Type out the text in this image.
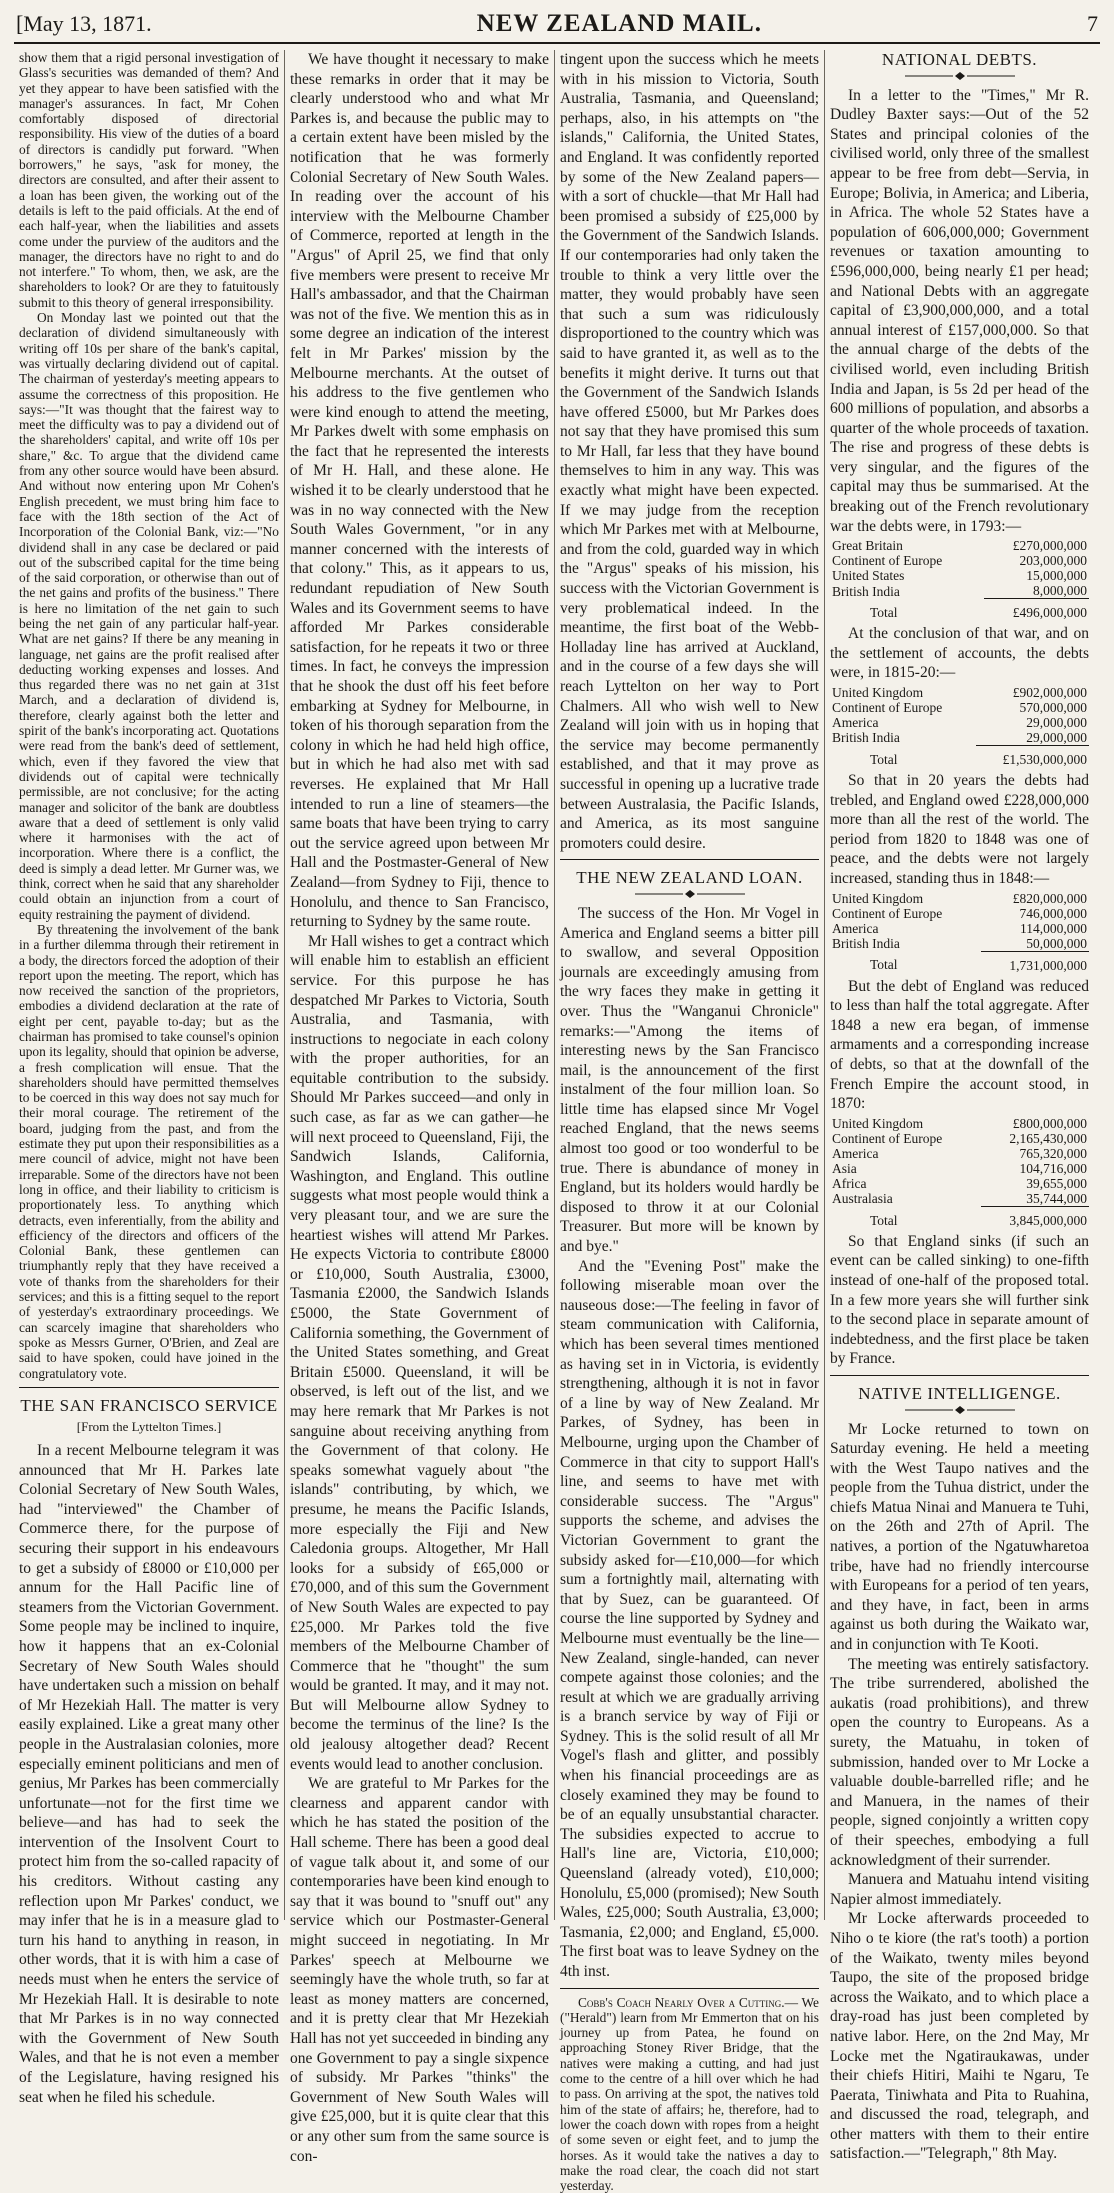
[May 13, 1871.	NEW ZEALAND MAIL.	7

show them that a rigid personal investigation of Glass's securities was demanded of them? And yet they appear to have been satisfied with the manager's assurances. In fact, Mr Cohen comfortably disposed of directorial responsibility. His view of the duties of a board of directors is candidly put forward. "When borrowers," he says, "ask for money, the directors are consulted, and after their assent to a loan has been given, the working out of the details is left to the paid officials. At the end of each half-year, when the liabilities and assets come under the purview of the auditors and the manager, the directors have no right to and do not interfere." To whom, then, we ask, are the shareholders to look? Or are they to fatuitously submit to this theory of general irresponsibility.

On Monday last we pointed out that the declaration of dividend simultaneously with writing off 10s per share of the bank's capital, was virtually declaring dividend out of capital. The chairman of yesterday's meeting appears to assume the correctness of this proposition. He says:—"It was thought that the fairest way to meet the difficulty was to pay a dividend out of the shareholders' capital, and write off 10s per share," &c. To argue that the dividend came from any other source would have been absurd. And without now entering upon Mr Cohen's English precedent, we must bring him face to face with the 18th section of the Act of Incorporation of the Colonial Bank, viz:—"No dividend shall in any case be declared or paid out of the subscribed capital for the time being of the said corporation, or otherwise than out of the net gains and profits of the business." There is here no limitation of the net gain to such being the net gain of any particular half-year. What are net gains? If there be any meaning in language, net gains are the profit realised after deducting working expenses and losses. And thus regarded there was no net gain at 31st March, and a declaration of dividend is, therefore, clearly against both the letter and spirit of the bank's incorporating act. Quotations were read from the bank's deed of settlement, which, even if they favored the view that dividends out of capital were technically permissible, are not conclusive; for the acting manager and solicitor of the bank are doubtless aware that a deed of settlement is only valid where it harmonises with the act of incorporation. Where there is a conflict, the deed is simply a dead letter. Mr Gurner was, we think, correct when he said that any shareholder could obtain an injunction from a court of equity restraining the payment of dividend.

By threatening the involvement of the bank in a further dilemma through their retirement in a body, the directors forced the adoption of their report upon the meeting. The report, which has now received the sanction of the proprietors, embodies a dividend declaration at the rate of eight per cent, payable to-day; but as the chairman has promised to take counsel's opinion upon its legality, should that opinion be adverse, a fresh complication will ensue. That the shareholders should have permitted themselves to be coerced in this way does not say much for their moral courage. The retirement of the board, judging from the past, and from the estimate they put upon their responsibilities as a mere council of advice, might not have been irreparable. Some of the directors have not been long in office, and their liability to criticism is proportionately less. To anything which detracts, even inferentially, from the ability and efficiency of the directors and officers of the Colonial Bank, these gentlemen can triumphantly reply that they have received a vote of thanks from the shareholders for their services; and this is a fitting sequel to the report of yesterday's extraordinary proceedings. We can scarcely imagine that shareholders who spoke as Messrs Gurner, O'Brien, and Zeal are said to have spoken, could have joined in the congratulatory vote.

THE SAN FRANCISCO SERVICE
[From the Lyttelton Times.]

In a recent Melbourne telegram it was announced that Mr H. Parkes late Colonial Secretary of New South Wales, had "interviewed" the Chamber of Commerce there, for the purpose of securing their support in his endeavours to get a subsidy of £8000 or £10,000 per annum for the Hall Pacific line of steamers from the Victorian Government. Some people may be inclined to inquire, how it happens that an ex-Colonial Secretary of New South Wales should have undertaken such a mission on behalf of Mr Hezekiah Hall. The matter is very easily explained. Like a great many other people in the Australasian colonies, more especially eminent politicians and men of genius, Mr Parkes has been commercially unfortunate—not for the first time we believe—and has had to seek the intervention of the Insolvent Court to protect him from the so-called rapacity of his creditors. Without casting any reflection upon Mr Parkes' conduct, we may infer that he is in a measure glad to turn his hand to anything in reason, in other words, that it is with him a case of needs must when he enters the service of Mr Hezekiah Hall. It is desirable to note that Mr Parkes is in no way connected with the Government of New South Wales, and that he is not even a member of the Legislature, having resigned his seat when he filed his schedule.

We have thought it necessary to make these remarks in order that it may be clearly understood who and what Mr Parkes is, and because the public may to a certain extent have been misled by the notification that he was formerly Colonial Secretary of New South Wales. In reading over the account of his interview with the Melbourne Chamber of Commerce, reported at length in the "Argus" of April 25, we find that only five members were present to receive Mr Hall's ambassador, and that the Chairman was not of the five. We mention this as in some degree an indication of the interest felt in Mr Parkes' mission by the Melbourne merchants. At the outset of his address to the five gentlemen who were kind enough to attend the meeting, Mr Parkes dwelt with some emphasis on the fact that he represented the interests of Mr H. Hall, and these alone. He wished it to be clearly understood that he was in no way connected with the New South Wales Government, "or in any manner concerned with the interests of that colony." This, as it appears to us, redundant repudiation of New South Wales and its Government seems to have afforded Mr Parkes considerable satisfaction, for he repeats it two or three times. In fact, he conveys the impression that he shook the dust off his feet before embarking at Sydney for Melbourne, in token of his thorough separation from the colony in which he had held high office, but in which he had also met with sad reverses. He explained that Mr Hall intended to run a line of steamers—the same boats that have been trying to carry out the service agreed upon between Mr Hall and the Postmaster-General of New Zealand—from Sydney to Fiji, thence to Honolulu, and thence to San Francisco, returning to Sydney by the same route.

Mr Hall wishes to get a contract which will enable him to establish an efficient service. For this purpose he has despatched Mr Parkes to Victoria, South Australia, and Tasmania, with instructions to negociate in each colony with the proper authorities, for an equitable contribution to the subsidy. Should Mr Parkes succeed—and only in such case, as far as we can gather—he will next proceed to Queensland, Fiji, the Sandwich Islands, California, Washington, and England. This outline suggests what most people would think a very pleasant tour, and we are sure the heartiest wishes will attend Mr Parkes. He expects Victoria to contribute £8000 or £10,000, South Australia, £3000, Tasmania £2000, the Sandwich Islands £5000, the State Government of California something, the Government of the United States something, and Great Britain £5000. Queensland, it will be observed, is left out of the list, and we may here remark that Mr Parkes is not sanguine about receiving anything from the Government of that colony. He speaks somewhat vaguely about "the islands" contributing, by which, we presume, he means the Pacific Islands, more especially the Fiji and New Caledonia groups. Altogether, Mr Hall looks for a subsidy of £65,000 or £70,000, and of this sum the Government of New South Wales are expected to pay £25,000. Mr Parkes told the five members of the Melbourne Chamber of Commerce that he "thought" the sum would be granted. It may, and it may not. But will Melbourne allow Sydney to become the terminus of the line? Is the old jealousy altogether dead? Recent events would lead to another conclusion.

We are grateful to Mr Parkes for the clearness and apparent candor with which he has stated the position of the Hall scheme. There has been a good deal of vague talk about it, and some of our contemporaries have been kind enough to say that it was bound to "snuff out" any service which our Postmaster-General might succeed in negotiating. In Mr Parkes' speech at Melbourne we seemingly have the whole truth, so far at least as money matters are concerned, and it is pretty clear that Mr Hezekiah Hall has not yet succeeded in binding any one Government to pay a single sixpence of subsidy. Mr Parkes "thinks" the Government of New South Wales will give £25,000, but it is quite clear that this or any other sum from the same source is con-

tingent upon the success which he meets with in his mission to Victoria, South Australia, Tasmania, and Queensland; perhaps, also, in his attempts on "the islands," California, the United States, and England. It was confidently reported by some of the New Zealand papers—with a sort of chuckle—that Mr Hall had been promised a subsidy of £25,000 by the Government of the Sandwich Islands. If our contemporaries had only taken the trouble to think a very little over the matter, they would probably have seen that such a sum was ridiculously disproportioned to the country which was said to have granted it, as well as to the benefits it might derive. It turns out that the Government of the Sandwich Islands have offered £5000, but Mr Parkes does not say that they have promised this sum to Mr Hall, far less that they have bound themselves to him in any way. This was exactly what might have been expected. If we may judge from the reception which Mr Parkes met with at Melbourne, and from the cold, guarded way in which the "Argus" speaks of his mission, his success with the Victorian Government is very problematical indeed. In the meantime, the first boat of the Webb-Holladay line has arrived at Auckland, and in the course of a few days she will reach Lyttelton on her way to Port Chalmers. All who wish well to New Zealand will join with us in hoping that the service may become permanently established, and that it may prove as successful in opening up a lucrative trade between Australasia, the Pacific Islands, and America, as its most sanguine promoters could desire.

THE NEW ZEALAND LOAN.

The success of the Hon. Mr Vogel in America and England seems a bitter pill to swallow, and several Opposition journals are exceedingly amusing from the wry faces they make in getting it over. Thus the "Wanganui Chronicle" remarks:—"Among the items of interesting news by the San Francisco mail, is the announcement of the first instalment of the four million loan. So little time has elapsed since Mr Vogel reached England, that the news seems almost too good or too wonderful to be true. There is abundance of money in England, but its holders would hardly be disposed to throw it at our Colonial Treasurer. But more will be known by and bye."

And the "Evening Post" make the following miserable moan over the nauseous dose:—The feeling in favor of steam communication with California, which has been several times mentioned as having set in in Victoria, is evidently strengthening, although it is not in favor of a line by way of New Zealand. Mr Parkes, of Sydney, has been in Melbourne, urging upon the Chamber of Commerce in that city to support Hall's line, and seems to have met with considerable success. The "Argus" supports the scheme, and advises the Victorian Government to grant the subsidy asked for—£10,000—for which sum a fortnightly mail, alternating with that by Suez, can be guaranteed. Of course the line supported by Sydney and Melbourne must eventually be the line—New Zealand, single-handed, can never compete against those colonies; and the result at which we are gradually arriving is a branch service by way of Fiji or Sydney. This is the solid result of all Mr Vogel's flash and glitter, and possibly when his financial proceedings are as closely examined they may be found to be of an equally unsubstantial character. The subsidies expected to accrue to Hall's line are, Victoria, £10,000; Queensland (already voted), £10,000; Honolulu, £5,000 (promised); New South Wales, £25,000; South Australia, £3,000; Tasmania, £2,000; and England, £5,000. The first boat was to leave Sydney on the 4th inst.

Cobb's Coach Nearly Over a Cutting.— We ("Herald") learn from Mr Emmerton that on his journey up from Patea, he found on approaching Stoney River Bridge, that the natives were making a cutting, and had just come to the centre of a hill over which he had to pass. On arriving at the spot, the natives told him of the state of affairs; he, therefore, had to lower the coach down with ropes from a height of some seven or eight feet, and to jump the horses. As it would take the natives a day to make the road clear, the coach did not start yesterday.

NATIONAL DEBTS.

In a letter to the "Times," Mr R. Dudley Baxter says:—Out of the 52 States and principal colonies of the civilised world, only three of the smallest appear to be free from debt—Servia, in Europe; Bolivia, in America; and Liberia, in Africa. The whole 52 States have a population of 606,000,000; Government revenues or taxation amounting to £596,000,000, being nearly £1 per head; and National Debts with an aggregate capital of £3,900,000,000, and a total annual interest of £157,000,000. So that the annual charge of the debts of the civilised world, even including British India and Japan, is 5s 2d per head of the 600 millions of population, and absorbs a quarter of the whole proceeds of taxation. The rise and progress of these debts is very singular, and the figures of the capital may thus be summarised. At the breaking out of the French revolutionary war the debts were, in 1793:—

Great Britain	£270,000,000
Continent of Europe	203,000,000
United States	15,000,000
British India	8,000,000
Total	£496,000,000

At the conclusion of that war, and on the settlement of accounts, the debts were, in 1815-20:—

United Kingdom	£902,000,000
Continent of Europe	570,000,000
America	29,000,000
British India	29,000,000
Total	£1,530,000,000

So that in 20 years the debts had trebled, and England owed £228,000,000 more than all the rest of the world. The period from 1820 to 1848 was one of peace, and the debts were not largely increased, standing thus in 1848:—

United Kingdom	£820,000,000
Continent of Europe	746,000,000
America	114,000,000
British India	50,000,000
Total	1,731,000,000

But the debt of England was reduced to less than half the total aggregate. After 1848 a new era began, of immense armaments and a corresponding increase of debts, so that at the downfall of the French Empire the account stood, in 1870:

United Kingdom	£800,000,000
Continent of Europe	2,165,430,000
America	765,320,000
Asia	104,716,000
Africa	39,655,000
Australasia	35,744,000
Total	3,845,000,000

So that England sinks (if such an event can be called sinking) to one-fifth instead of one-half of the proposed total. In a few more years she will further sink to the second place in separate amount of indebtedness, and the first place be taken by France.

NATIVE INTELLIGENGE.

Mr Locke returned to town on Saturday evening. He held a meeting with the West Taupo natives and the people from the Tuhua district, under the chiefs Matua Ninai and Manuera te Tuhi, on the 26th and 27th of April. The natives, a portion of the Ngatuwharetoa tribe, have had no friendly intercourse with Europeans for a period of ten years, and they have, in fact, been in arms against us both during the Waikato war, and in conjunction with Te Kooti.

The meeting was entirely satisfactory. The tribe surrendered, abolished the aukatis (road prohibitions), and threw open the country to Europeans. As a surety, the Matuahu, in token of submission, handed over to Mr Locke a valuable double-barrelled rifle; and he and Manuera, in the names of their people, signed conjointly a written copy of their speeches, embodying a full acknowledgment of their surrender.

Manuera and Matuahu intend visiting Napier almost immediately.

Mr Locke afterwards proceeded to Niho o te kiore (the rat's tooth) a portion of the Waikato, twenty miles beyond Taupo, the site of the proposed bridge across the Waikato, and to which place a dray-road has just been completed by native labor. Here, on the 2nd May, Mr Locke met the Ngatiraukawas, under their chiefs Hitiri, Maihi te Ngaru, Te Paerata, Tiniwhata and Pita to Ruahina, and discussed the road, telegraph, and other matters with them to their entire satisfaction.—"Telegraph," 8th May.
